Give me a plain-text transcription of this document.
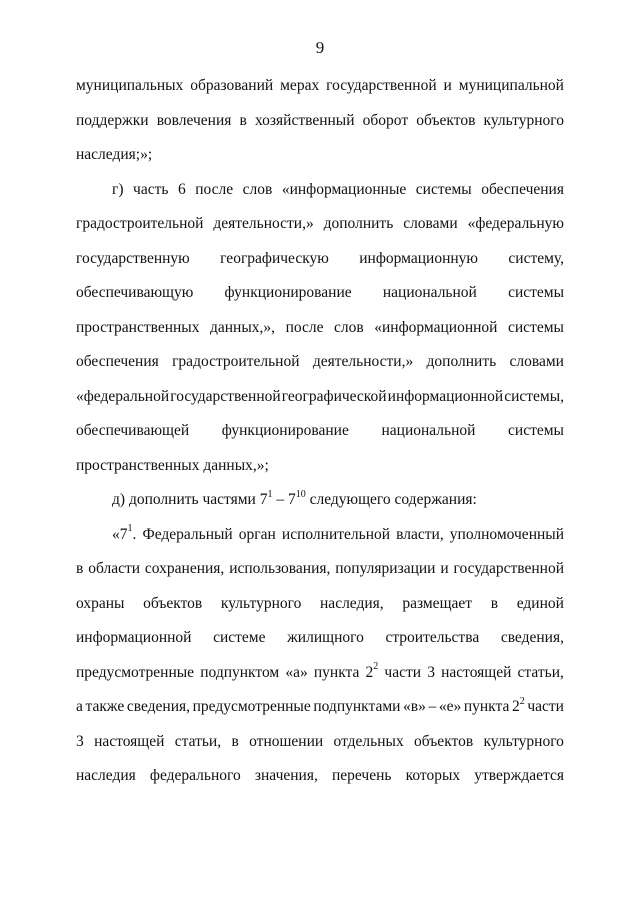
9
муниципальных образований мерах государственной и муниципальной
поддержки вовлечения в хозяйственный оборот объектов культурного
наследия;»;
г) часть 6 после слов «информационные системы обеспечения
градостроительной деятельности,» дополнить словами «федеральную
государственную географическую информационную систему,
обеспечивающую функционирование национальной системы
пространственных данных,», после слов «информационной системы
обеспечения градостроительной деятельности,» дополнить словами
«федеральной государственной географической информационной системы,
обеспечивающей функционирование национальной системы
пространственных данных,»;
д) дополнить частями $7^1 - 7^{10}$ следующего содержания:
«$7^1$. Федеральный орган исполнительной власти, уполномоченный
в области сохранения, использования, популяризации и государственной
охраны объектов культурного наследия, размещает в единой
информационной системе жилищного строительства сведения,
предусмотренные подпунктом «а» пункта $2^2$ части 3 настоящей статьи,
а также сведения, предусмотренные подпунктами «в» – «е» пункта $2^2$ части
3 настоящей статьи, в отношении отдельных объектов культурного
наследия федерального значения, перечень которых утверждается
